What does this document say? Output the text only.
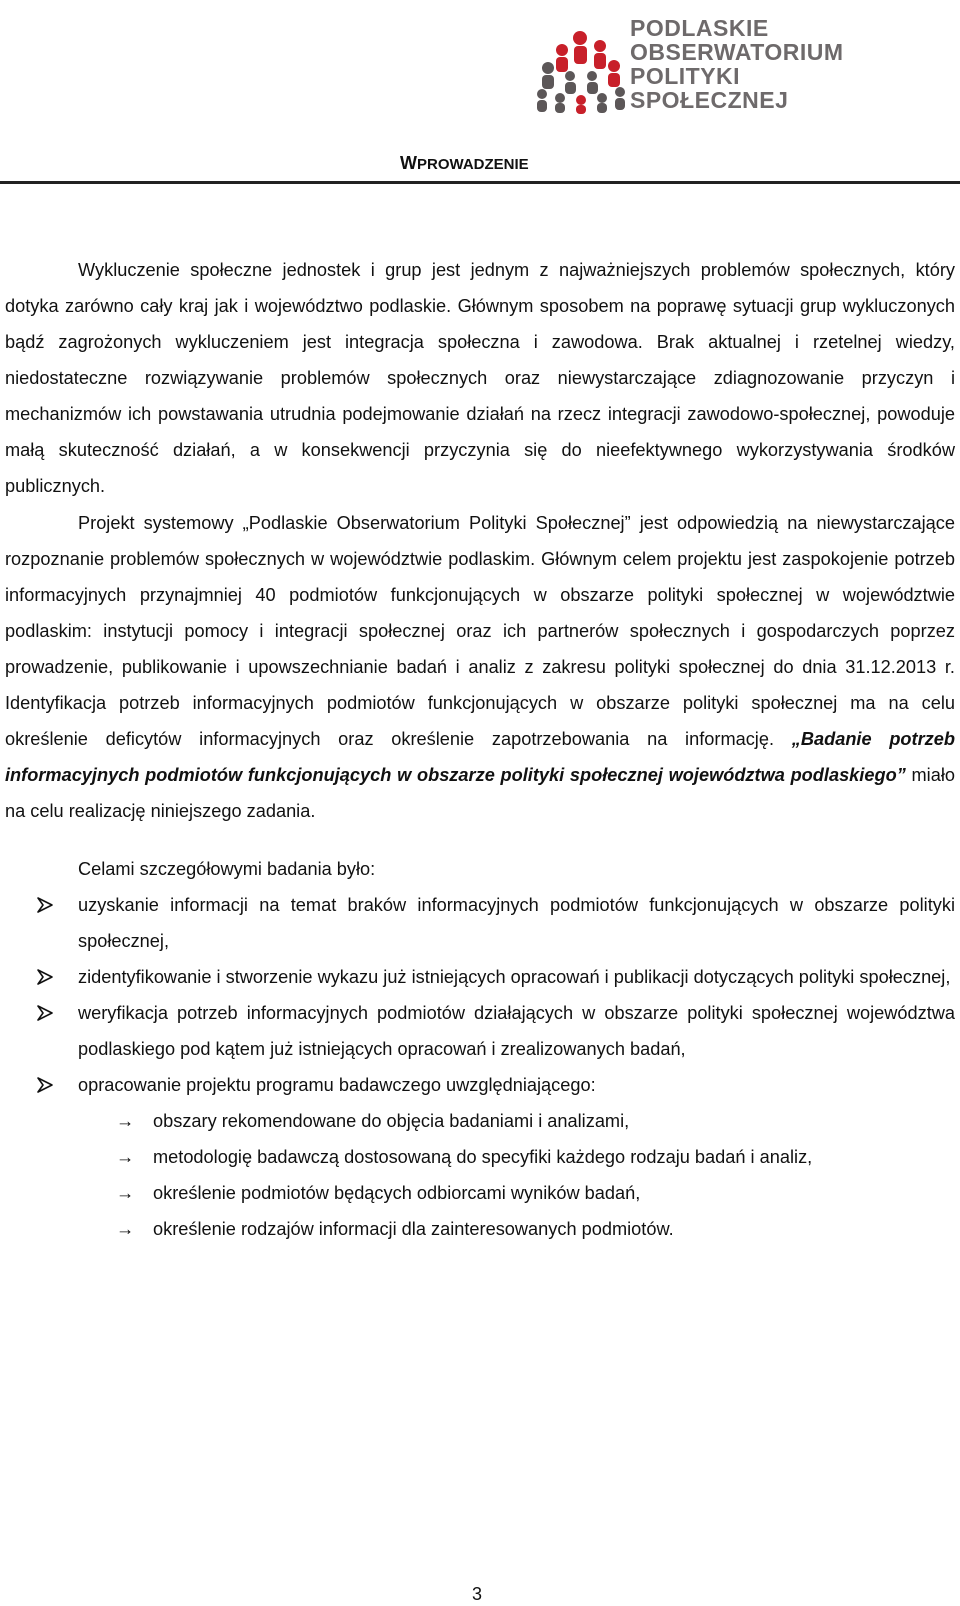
PODLASKIE
OBSERWATORIUM
POLITYKI
SPOŁECZNEJ
WPROWADZENIE

Wykluczenie społeczne jednostek i grup jest jednym z najważniejszych problemów społecznych, który dotyka zarówno cały kraj jak i województwo podlaskie. Głównym sposobem na poprawę sytuacji grup wykluczonych bądź zagrożonych wykluczeniem jest integracja społeczna i zawodowa. Brak aktualnej i rzetelnej wiedzy, niedostateczne rozwiązywanie problemów społecznych oraz niewystarczające zdiagnozowanie przyczyn i mechanizmów ich powstawania utrudnia podejmowanie działań na rzecz integracji zawodowo-społecznej, powoduje małą skuteczność działań, a w konsekwencji przyczynia się do nieefektywnego wykorzystywania środków publicznych.

Projekt systemowy „Podlaskie Obserwatorium Polityki Społecznej” jest odpowiedzią na niewystarczające rozpoznanie problemów społecznych w województwie podlaskim. Głównym celem projektu jest zaspokojenie potrzeb informacyjnych przynajmniej 40 podmiotów funkcjonujących w obszarze polityki społecznej w województwie podlaskim: instytucji pomocy i integracji społecznej oraz ich partnerów społecznych i gospodarczych poprzez prowadzenie, publikowanie i upowszechnianie badań i analiz z zakresu polityki społecznej do dnia 31.12.2013 r. Identyfikacja potrzeb informacyjnych podmiotów funkcjonujących w obszarze polityki społecznej ma na celu określenie deficytów informacyjnych oraz określenie zapotrzebowania na informację. „Badanie potrzeb informacyjnych podmiotów funkcjonujących w obszarze polityki społecznej województwa podlaskiego” miało na celu realizację niniejszego zadania.

Celami szczegółowymi badania było:

uzyskanie informacji na temat braków informacyjnych podmiotów funkcjonujących w obszarze polityki społecznej,
zidentyfikowanie i stworzenie wykazu już istniejących opracowań i publikacji dotyczących polityki społecznej,
weryfikacja potrzeb informacyjnych podmiotów działających w obszarze polityki społecznej województwa podlaskiego pod kątem już istniejących opracowań i zrealizowanych badań,
opracowanie projektu programu badawczego uwzględniającego:
→	obszary rekomendowane do objęcia badaniami i analizami,
→	metodologię badawczą dostosowaną do specyfiki każdego rodzaju badań i analiz,
→	określenie podmiotów będących odbiorcami wyników badań,
→	określenie rodzajów informacji dla zainteresowanych podmiotów.
3
